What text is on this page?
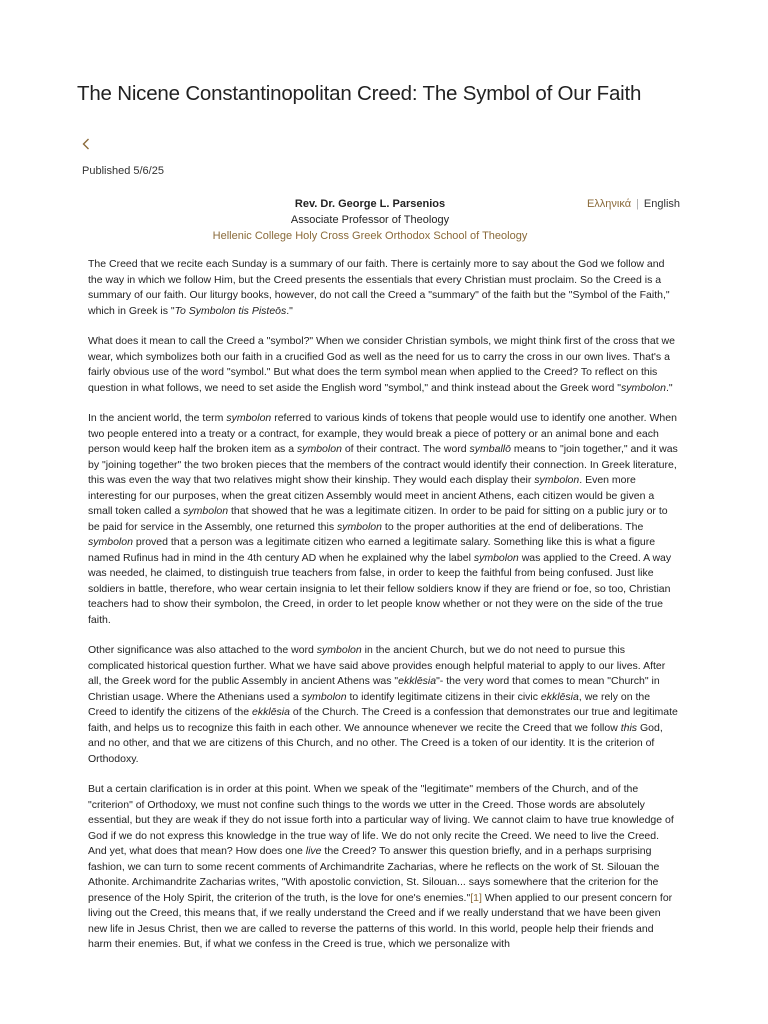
The Nicene Constantinopolitan Creed: The Symbol of Our Faith
Published 5/6/25
Ελληνικά | English
Rev. Dr. George L. Parsenios
Associate Professor of Theology
Hellenic College Holy Cross Greek Orthodox School of Theology

The Creed that we recite each Sunday is a summary of our faith. There is certainly more to say about the God we follow and the way in which we follow Him, but the Creed presents the essentials that every Christian must proclaim. So the Creed is a summary of our faith. Our liturgy books, however, do not call the Creed a "summary" of the faith but the "Symbol of the Faith," which in Greek is "To Symbolon tis Pisteōs."

What does it mean to call the Creed a "symbol?" When we consider Christian symbols, we might think first of the cross that we wear, which symbolizes both our faith in a crucified God as well as the need for us to carry the cross in our own lives. That's a fairly obvious use of the word "symbol." But what does the term symbol mean when applied to the Creed? To reflect on this question in what follows, we need to set aside the English word "symbol," and think instead about the Greek word "symbolon."

In the ancient world, the term symbolon referred to various kinds of tokens that people would use to identify one another. When two people entered into a treaty or a contract, for example, they would break a piece of pottery or an animal bone and each person would keep half the broken item as a symbolon of their contract. The word symballō means to "join together," and it was by "joining together" the two broken pieces that the members of the contract would identify their connection. In Greek literature, this was even the way that two relatives might show their kinship. They would each display their symbolon. Even more interesting for our purposes, when the great citizen Assembly would meet in ancient Athens, each citizen would be given a small token called a symbolon that showed that he was a legitimate citizen. In order to be paid for sitting on a public jury or to be paid for service in the Assembly, one returned this symbolon to the proper authorities at the end of deliberations. The symbolon proved that a person was a legitimate citizen who earned a legitimate salary. Something like this is what a figure named Rufinus had in mind in the 4th century AD when he explained why the label symbolon was applied to the Creed. A way was needed, he claimed, to distinguish true teachers from false, in order to keep the faithful from being confused. Just like soldiers in battle, therefore, who wear certain insignia to let their fellow soldiers know if they are friend or foe, so too, Christian teachers had to show their symbolon, the Creed, in order to let people know whether or not they were on the side of the true faith.

Other significance was also attached to the word symbolon in the ancient Church, but we do not need to pursue this complicated historical question further. What we have said above provides enough helpful material to apply to our lives. After all, the Greek word for the public Assembly in ancient Athens was "ekklēsia"- the very word that comes to mean "Church" in Christian usage. Where the Athenians used a symbolon to identify legitimate citizens in their civic ekklēsia, we rely on the Creed to identify the citizens of the ekklēsia of the Church. The Creed is a confession that demonstrates our true and legitimate faith, and helps us to recognize this faith in each other. We announce whenever we recite the Creed that we follow this God, and no other, and that we are citizens of this Church, and no other. The Creed is a token of our identity. It is the criterion of Orthodoxy.

But a certain clarification is in order at this point. When we speak of the "legitimate" members of the Church, and of the "criterion" of Orthodoxy, we must not confine such things to the words we utter in the Creed. Those words are absolutely essential, but they are weak if they do not issue forth into a particular way of living. We cannot claim to have true knowledge of God if we do not express this knowledge in the true way of life. We do not only recite the Creed. We need to live the Creed. And yet, what does that mean? How does one live the Creed? To answer this question briefly, and in a perhaps surprising fashion, we can turn to some recent comments of Archimandrite Zacharias, where he reflects on the work of St. Silouan the Athonite. Archimandrite Zacharias writes, "With apostolic conviction, St. Silouan... says somewhere that the criterion for the presence of the Holy Spirit, the criterion of the truth, is the love for one's enemies."[1] When applied to our present concern for living out the Creed, this means that, if we really understand the Creed and if we really understand that we have been given new life in Jesus Christ, then we are called to reverse the patterns of this world. In this world, people help their friends and harm their enemies. But, if what we confess in the Creed is true, which we personalize with
